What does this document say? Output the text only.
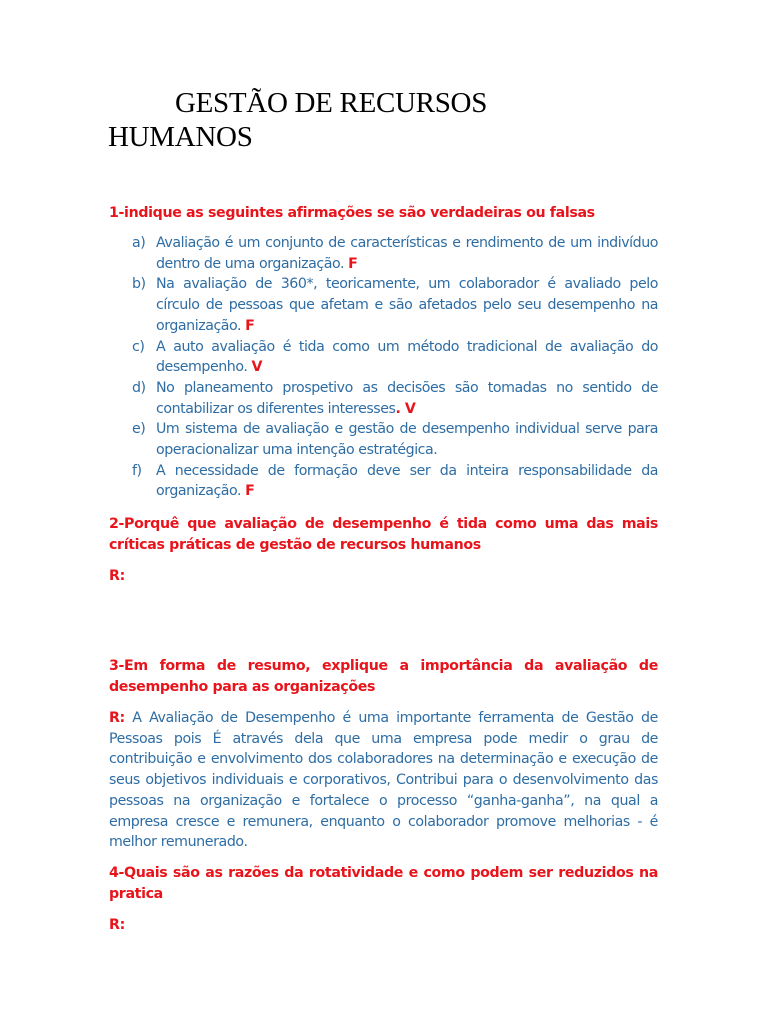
GESTÃO DE RECURSOS
HUMANOS

1-indique as seguintes afirmações se são verdadeiras ou falsas

a) Avaliação é um conjunto de características e rendimento de um indivíduo dentro de uma organização. F
b) Na avaliação de 360*, teoricamente, um colaborador é avaliado pelo círculo de pessoas que afetam e são afetados pelo seu desempenho na organização. F
c) A auto avaliação é tida como um método tradicional de avaliação do desempenho. V
d) No planeamento prospetivo as decisões são tomadas no sentido de contabilizar os diferentes interesses. V
e) Um sistema de avaliação e gestão de desempenho individual serve para operacionalizar uma intenção estratégica.
f) A necessidade de formação deve ser da inteira responsabilidade da organização. F

2-Porquê que avaliação de desempenho é tida como uma das mais críticas práticas de gestão de recursos humanos

R:

3-Em forma de resumo, explique a importância da avaliação de desempenho para as organizações

R: A Avaliação de Desempenho é uma importante ferramenta de Gestão de Pessoas pois É através dela que uma empresa pode medir o grau de contribuição e envolvimento dos colaboradores na determinação e execução de seus objetivos individuais e corporativos, Contribui para o desenvolvimento das pessoas na organização e fortalece o processo “ganha-ganha”, na qual a empresa cresce e remunera, enquanto o colaborador promove melhorias - é melhor remunerado.

4-Quais são as razões da rotatividade e como podem ser reduzidos na pratica

R:
